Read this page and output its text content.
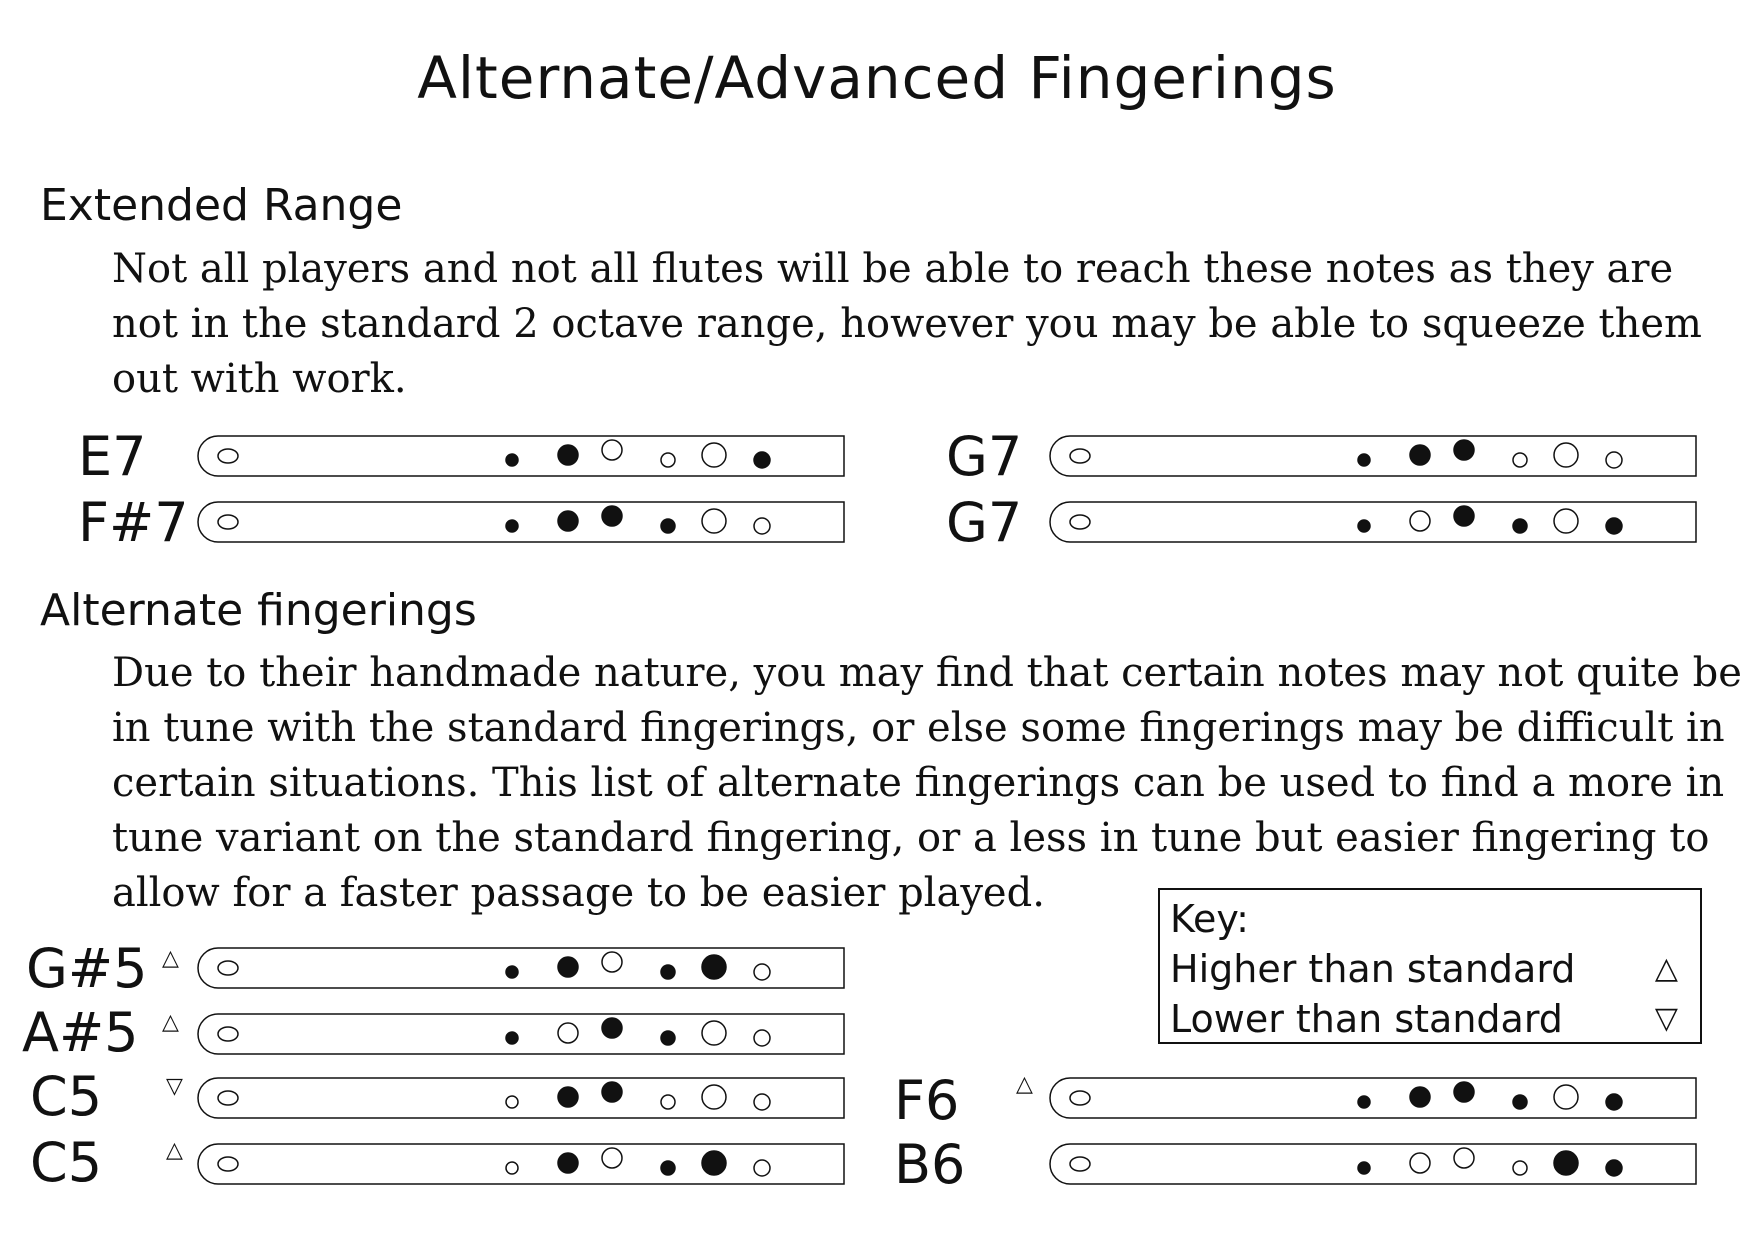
Alternate/Advanced Fingerings
Extended Range
Not all players and not all flutes will be able to reach these notes as they are not in the standard 2 octave range, however you may be able to squeeze them out with work.
Alternate fingerings
Due to their handmade nature, you may find that certain notes may not quite be in tune with the standard fingerings, or else some fingerings may be difficult in certain situations. This list of alternate fingerings can be used to find a more in tune variant on the standard fingering, or a less in tune but easier fingering to allow for a faster passage to be easier played.
Key:
Higher than standard	△
Lower than standard	▽
E7
F#7
G7
G7
G#5 △
A#5 △
C5	▽
C5	△
F6	△
B6
